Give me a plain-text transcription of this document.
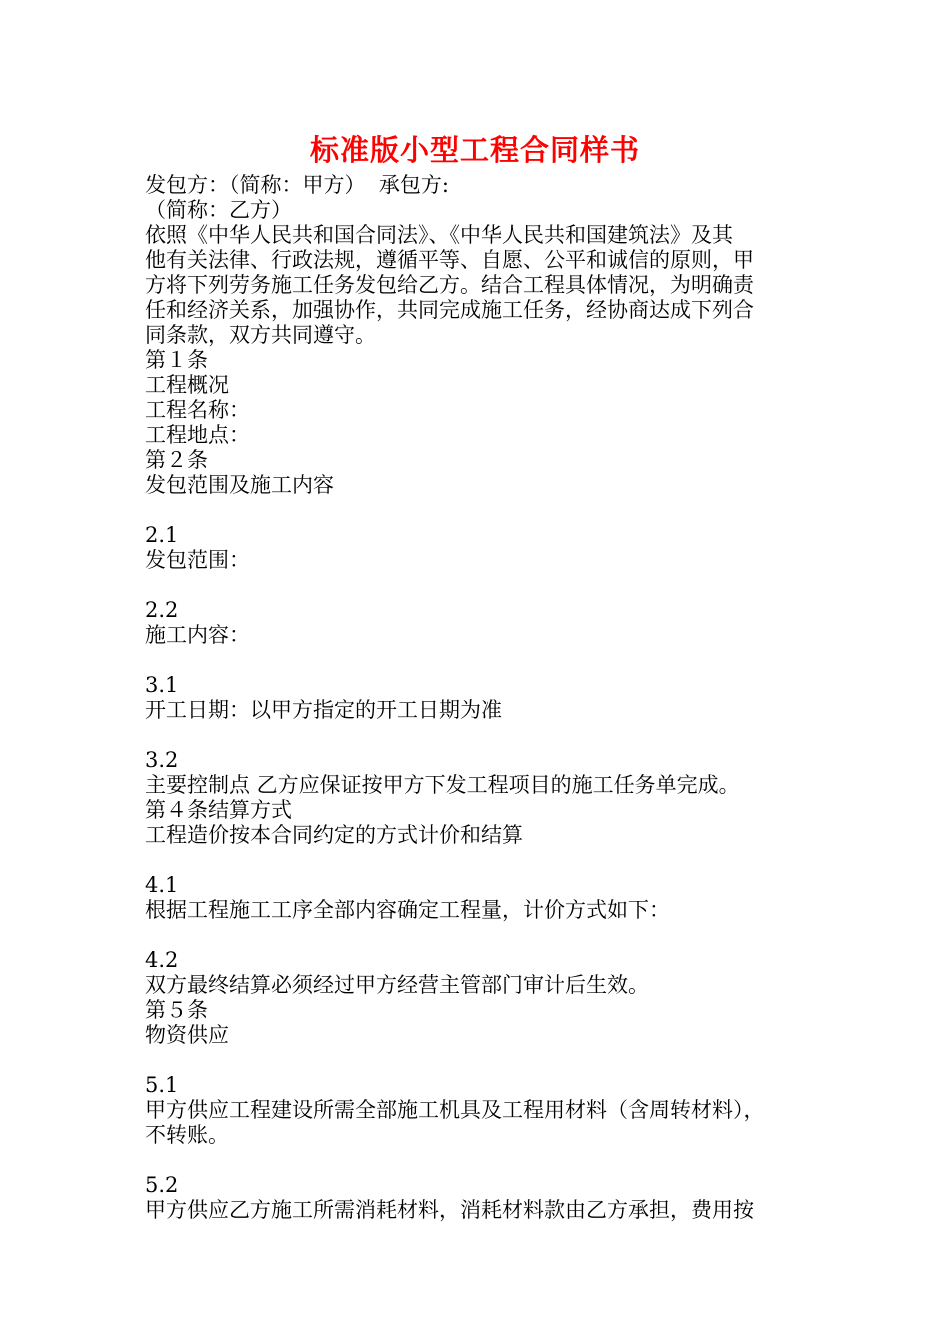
标准版小型工程合同样书
发包方：（简称：甲方）  承包方:
（简称：乙方）
依照《中华人民共和国合同法》、《中华人民共和国建筑法》及其
他有关法律、行政法规，遵循平等、自愿、公平和诚信的原则，甲
方将下列劳务施工任务发包给乙方。结合工程具体情况，为明确责
任和经济关系，加强协作，共同完成施工任务，经协商达成下列合
同条款，双方共同遵守。
第１条
工程概况
工程名称：
工程地点：
第２条
发包范围及施工内容
2.1
发包范围：
2.2
施工内容：
3.1
开工日期：以甲方指定的开工日期为准
3.2
主要控制点 乙方应保证按甲方下发工程项目的施工任务单完成。
第４条结算方式
工程造价按本合同约定的方式计价和结算
4.1
根据工程施工工序全部内容确定工程量，计价方式如下：
4.2
双方最终结算必须经过甲方经营主管部门审计后生效。
第５条
物资供应
5.1
甲方供应工程建设所需全部施工机具及工程用材料（含周转材料），
不转账。
5.2
甲方供应乙方施工所需消耗材料，消耗材料款由乙方承担，费用按
